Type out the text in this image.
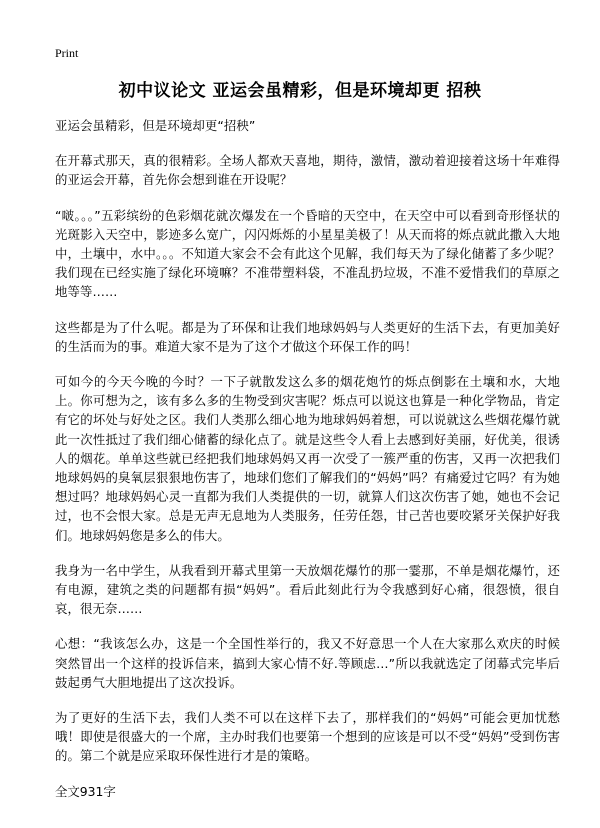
Print
初中议论文 亚运会虽精彩，但是环境却更 招秧

亚运会虽精彩，但是环境却更“招秧”

在开幕式那天，真的很精彩。全场人都欢天喜地，期待，激情，激动着迎接着这场十年难得的亚运会开幕，首先你会想到谁在开设呢？

“啵。。。”五彩缤纷的色彩烟花就次爆发在一个昏暗的天空中，在天空中可以看到奇形怪状的光斑影入天空中，影迹多么宽广，闪闪烁烁的小星星美极了！从天而将的烁点就此撒入大地中，土壤中，水中。。。不知道大家会不会有此这个见解，我们每天为了绿化储蓄了多少呢？我们现在已经实施了绿化环境嘛？不准带塑料袋，不准乱扔垃圾，不准不爱惜我们的草原之地等等……

这些都是为了什么呢。都是为了环保和让我们地球妈妈与人类更好的生活下去，有更加美好的生活而为的事。难道大家不是为了这个才做这个环保工作的吗！

可如今的今天今晚的今时？一下子就散发这么多的烟花炮竹的烁点倒影在土壤和水，大地上。你可想为之，该有多么多的生物受到灾害呢？烁点可以说这也算是一种化学物品，肯定有它的坏处与好处之区。我们人类那么细心地为地球妈妈着想，可以说就这么些烟花爆竹就此一次性抵过了我们细心储蓄的绿化点了。就是这些令人看上去感到好美丽，好优美，很诱人的烟花。单单这些就已经把我们地球妈妈又再一次受了一簇严重的伤害，又再一次把我们地球妈妈的臭氧层狠狠地伤害了，地球们您们了解我们的“妈妈”吗？有痛爱过它吗？有为她想过吗？地球妈妈心灵一直都为我们人类提供的一切，就算人们这次伤害了她，她也不会记过，也不会恨大家。总是无声无息地为人类服务，任劳任怨，甘己苦也要咬紧牙关保护好我们。地球妈妈您是多么的伟大。

我身为一名中学生，从我看到开幕式里第一天放烟花爆竹的那一霎那，不单是烟花爆竹，还有电源，建筑之类的问题都有损“妈妈”。看后此刻此行为令我感到好心痛，很怨愤，很自哀，很无奈……

心想：“我该怎么办，这是一个全国性举行的，我又不好意思一个人在大家那么欢庆的时候突然冒出一个这样的投诉信来，搞到大家心情不好.等顾虑…”所以我就选定了闭幕式完毕后鼓起勇气大胆地提出了这次投诉。

为了更好的生活下去，我们人类不可以在这样下去了，那样我们的“妈妈”可能会更加忧愁哦！即使是很盛大的一个席，主办时我们也要第一个想到的应该是可以不受“妈妈”受到伤害的。第二个就是应采取环保性进行才是的策略。

全文931字
